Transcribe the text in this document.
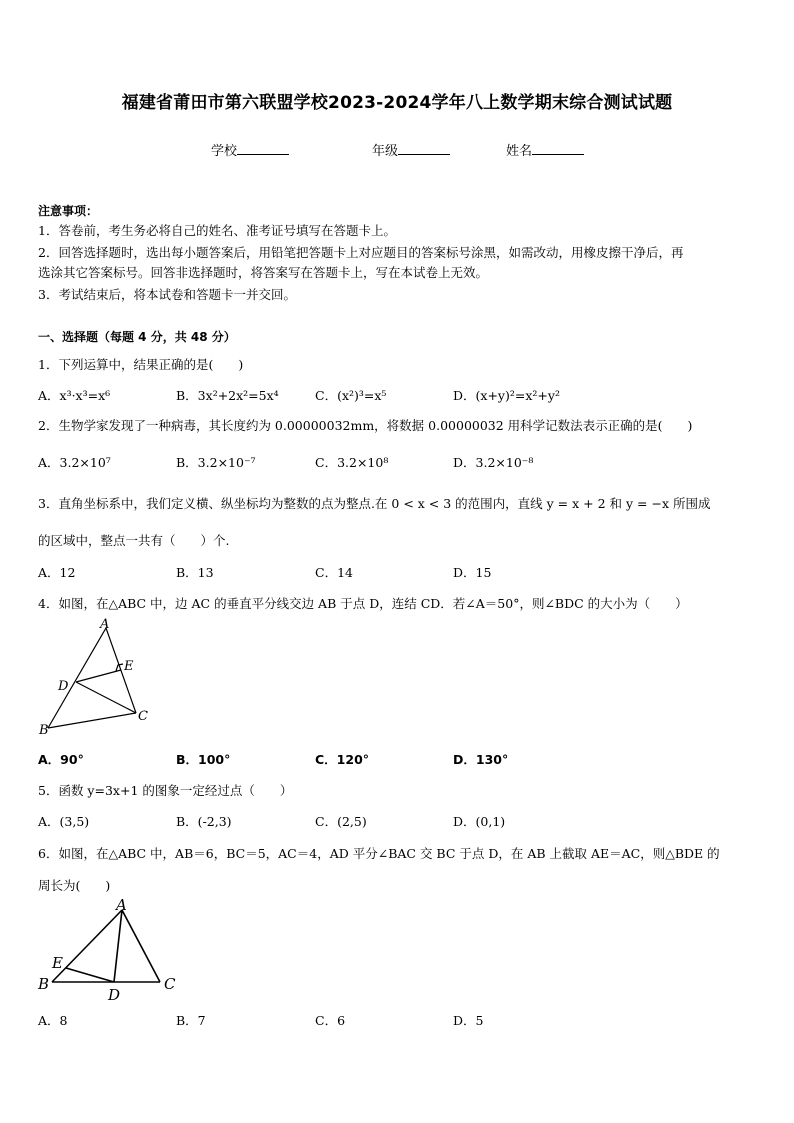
福建省莆田市第六联盟学校2023-2024学年八上数学期末综合测试试题
学校	年级	姓名
注意事项：
1．答卷前，考生务必将自己的姓名、准考证号填写在答题卡上。
2．回答选择题时，选出每小题答案后，用铅笔把答题卡上对应题目的答案标号涂黑，如需改动，用橡皮擦干净后，再
选涂其它答案标号。回答非选择题时，将答案写在答题卡上，写在本试卷上无效。
3．考试结束后，将本试卷和答题卡一并交回。
一、选择题（每题 4 分，共 48 分）
1．下列运算中，结果正确的是(　　)
A．x³·x³=x⁶	B．3x²+2x²=5x⁴	C．(x²)³=x⁵	D．(x+y)²=x²+y²
2．生物学家发现了一种病毒，其长度约为 0.00000032mm，将数据 0.00000032 用科学记数法表示正确的是(　　)
A．3.2×10⁷	B．3.2×10⁻⁷	C．3.2×10⁸	D．3.2×10⁻⁸
3．直角坐标系中，我们定义横、纵坐标均为整数的点为整点.在 0 < x < 3 的范围内，直线 y = x + 2 和 y = −x 所围成
的区域中，整点一共有（　　）个.
A．12	B．13	C．14	D．15
4．如图，在△ABC 中，边 AC 的垂直平分线交边 AB 于点 D，连结 CD．若∠A＝50°，则∠BDC 的大小为（　　）
A
B
C
D
E
A．90°	B．100°	C．120°	D．130°
5．函数 y=3x+1 的图象一定经过点（　　）
A．(3,5)	B．(-2,3)	C．(2,5)	D．(0,1)
6．如图，在△ABC 中，AB＝6，BC＝5，AC＝4，AD 平分∠BAC 交 BC 于点 D，在 AB 上截取 AE＝AC，则△BDE 的
周长为(　　)
A
B	C
D
E
A．8	B．7	C．6	D．5
